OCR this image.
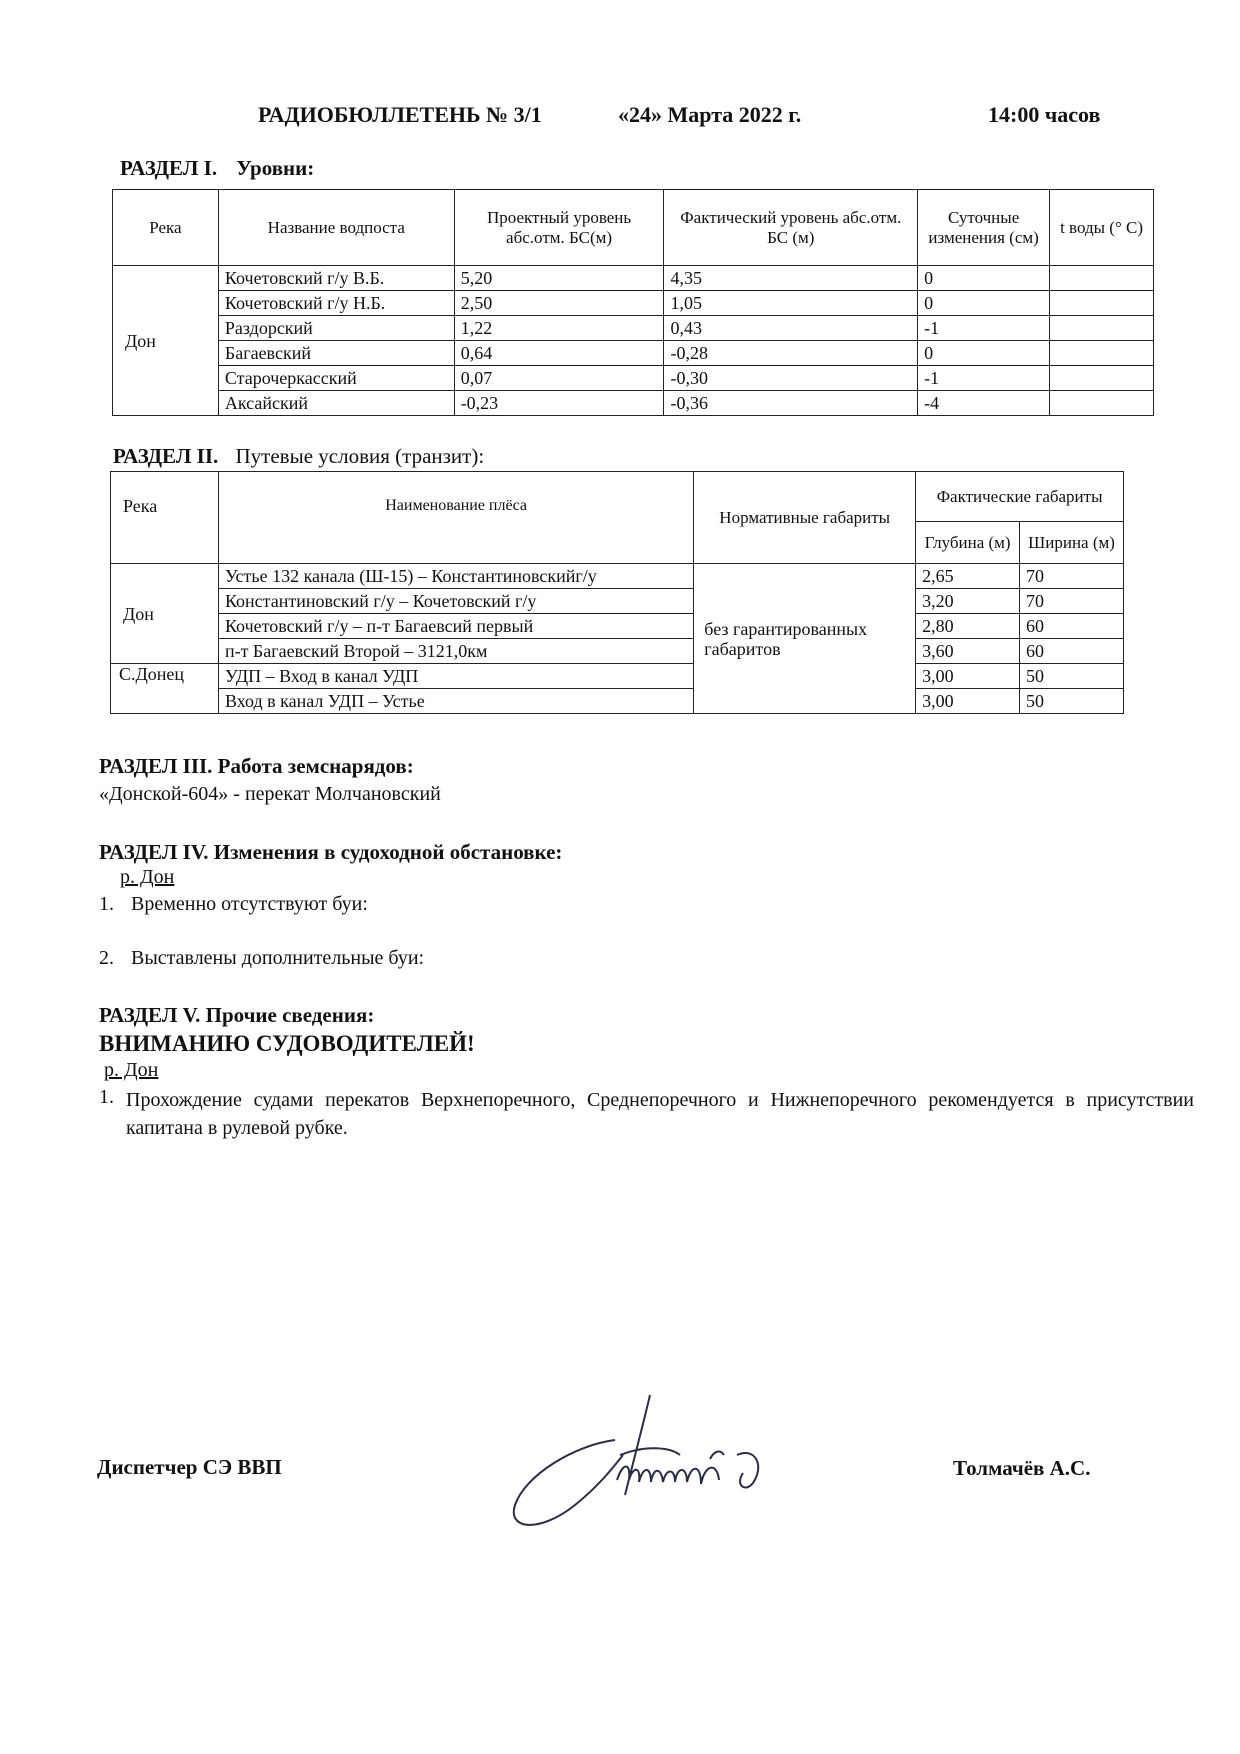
РАДИОБЮЛЛЕТЕНЬ № 3/1	«24» Марта 2022 г.	14:00 часов
РАЗДЕЛ I. Уровни:
Река	Название водпоста	Проектный уровень абс.отм. БС(м)	Фактический уровень абс.отм. БС (м)	Суточные изменения (см)	t воды (° C)
Дон	Кочетовский г/у В.Б.	5,20	4,35	0	
	Кочетовский г/у Н.Б.	2,50	1,05	0	
	Раздорский	1,22	0,43	-1	
	Багаевский	0,64	-0,28	0	
	Старочеркасский	0,07	-0,30	-1	
	Аксайский	-0,23	-0,36	-4	
РАЗДЕЛ II. Путевые условия (транзит):
Река	Наименование плёса	Нормативные габариты	Фактические габариты	
			Глубина (м)	Ширина (м)
Дон	Устье 132 канала (Ш-15) – Константиновскийг/у	без гарантированных габаритов	2,65	70
	Константиновский г/у – Кочетовский г/у		3,20	70
	Кочетовский г/у – п-т Багаевсий первый		2,80	60
	п-т Багаевский Второй – 3121,0км		3,60	60
С.Донец	УДП – Вход в канал УДП		3,00	50
	Вход в канал УДП – Устье		3,00	50
РАЗДЕЛ III. Работа земснарядов:
«Донской-604» - перекат Молчановский
РАЗДЕЛ IV. Изменения в судоходной обстановке:
р. Дон
1. Временно отсутствуют буи:
2. Выставлены дополнительные буи:
РАЗДЕЛ V. Прочие сведения:
ВНИМАНИЮ СУДОВОДИТЕЛЕЙ!
р. Дон
1. Прохождение судами перекатов Верхнепоречного, Среднепоречного и Нижнепоречного рекомендуется в присутствии капитана в рулевой рубке.
Диспетчер СЭ ВВП	Толмачёв А.С.
